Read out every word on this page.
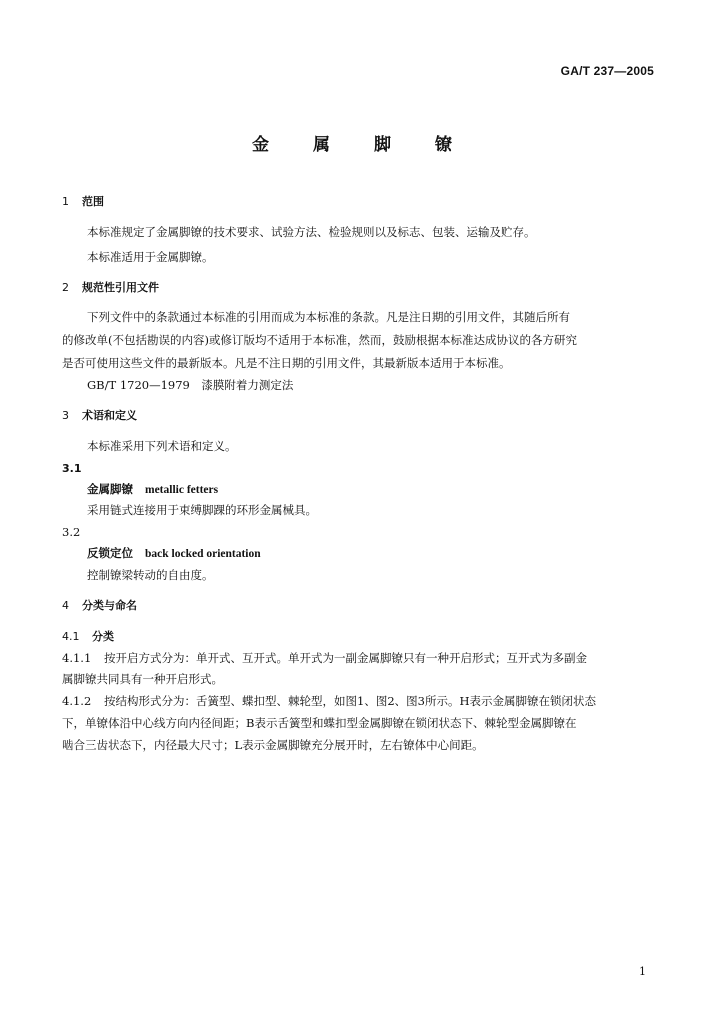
GA/T 237—2005
金属脚镣
1 范围
本标准规定了金属脚镣的技术要求、试验方法、检验规则以及标志、包装、运输及贮存。
本标准适用于金属脚镣。
2 规范性引用文件
下列文件中的条款通过本标准的引用而成为本标准的条款。凡是注日期的引用文件，其随后所有
的修改单(不包括勘误的内容)或修订版均不适用于本标准，然而，鼓励根据本标准达成协议的各方研究
是否可使用这些文件的最新版本。凡是不注日期的引用文件，其最新版本适用于本标准。
GB/T 1720—1979　漆膜附着力测定法
3 术语和定义
本标准采用下列术语和定义。
3.1
金属脚镣 metallic fetters
采用链式连接用于束缚脚踝的环形金属械具。
3.2
反锁定位 back locked orientation
控制镣梁转动的自由度。
4 分类与命名
4.1 分类
4.1.1 按开启方式分为：单开式、互开式。单开式为一副金属脚镣只有一种开启形式；互开式为多副金
属脚镣共同具有一种开启形式。
4.1.2 按结构形式分为：舌簧型、蝶扣型、棘轮型，如图1、图2、图3所示。H表示金属脚镣在锁闭状态
下，单镣体沿中心线方向内径间距；B表示舌簧型和蝶扣型金属脚镣在锁闭状态下、棘轮型金属脚镣在
啮合三齿状态下，内径最大尺寸；L表示金属脚镣充分展开时，左右镣体中心间距。
1
